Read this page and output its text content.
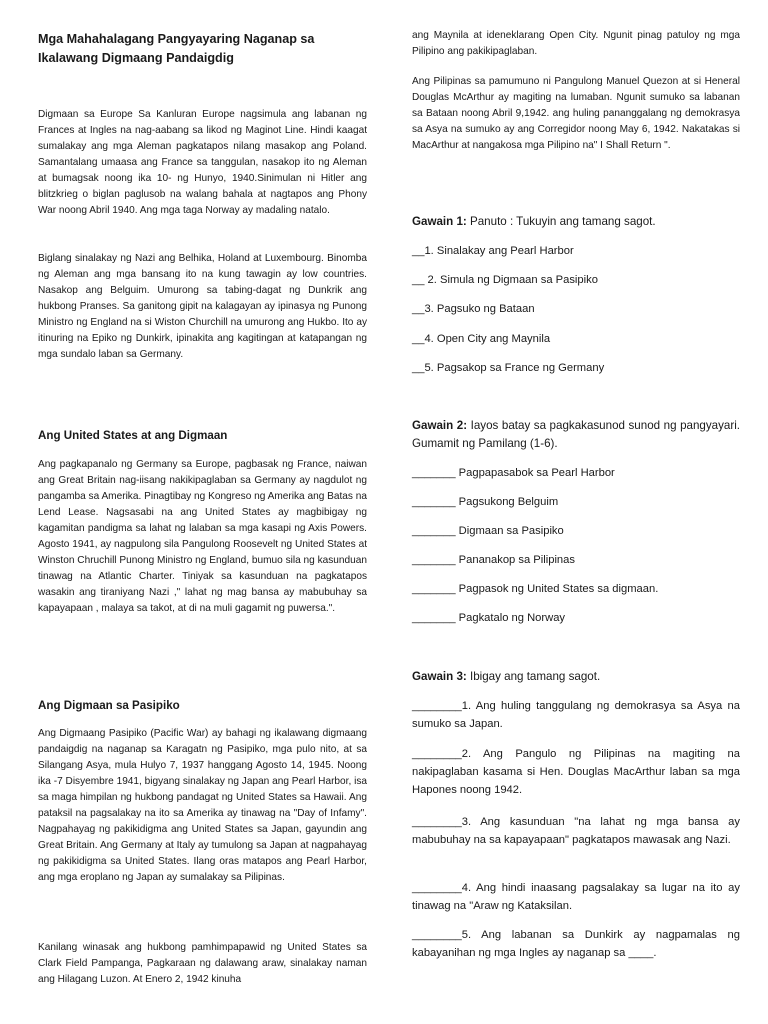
Mga Mahahalagang Pangyayaring Naganap sa Ikalawang Digmaang Pandaigdig

Digmaan sa Europe Sa Kanluran Europe nagsimula ang labanan ng Frances at Ingles na nag-aabang sa likod ng Maginot Line. Hindi kaagat sumalakay ang mga Aleman pagkatapos nilang masakop ang Poland. Samantalang umaasa ang France sa tanggulan, nasakop ito ng Aleman at bumagsak noong ika 10- ng Hunyo, 1940.Sinimulan ni Hitler ang blitzkrieg o biglan paglusob na walang bahala at nagtapos ang Phony War noong Abril 1940. Ang mga taga Norway ay madaling natalo.

Biglang sinalakay ng Nazi ang Belhika, Holand at Luxembourg. Binomba ng Aleman ang mga bansang ito na kung tawagin ay low countries. Nasakop ang Belguim. Umurong sa tabing-dagat ng Dunkrik ang hukbong Pranses. Sa ganitong gipit na kalagayan ay ipinasya ng Punong Ministro ng England na si Wiston Churchill na umurong ang Hukbo. Ito ay itinuring na Epiko ng Dunkirk, ipinakita ang kagitingan at katapangan ng mga sundalo laban sa Germany.

Ang United States at ang Digmaan

Ang pagkapanalo ng Germany sa Europe, pagbasak ng France, naiwan ang Great Britain nag-iisang nakikipaglaban sa Germany ay nagdulot ng pangamba sa Amerika. Pinagtibay ng Kongreso ng Amerika ang Batas na Lend Lease. Nagsasabi na ang United States ay magbibigay ng kagamitan pandigma sa lahat ng lalaban sa mga kasapi ng Axis Powers. Agosto 1941, ay nagpulong sila Pangulong Roosevelt ng United States at Winston Chruchill Punong Ministro ng England, bumuo sila ng kasunduan tinawag na Atlantic Charter. Tiniyak sa kasunduan na pagkatapos wasakin ang tiraniyang Nazi ," lahat ng mag bansa ay mabubuhay sa kapayapaan , malaya sa takot, at di na muli gagamit ng puwersa.".

Ang Digmaan sa Pasipiko

Ang Digmaang Pasipiko (Pacific War) ay bahagi ng ikalawang digmaang pandaigdig na naganap sa Karagatn ng Pasipiko, mga pulo nito, at sa Silangang Asya, mula Hulyo 7, 1937 hanggang Agosto 14, 1945. Noong ika -7 Disyembre 1941, bigyang sinalakay ng Japan ang Pearl Harbor, isa sa maga himpilan ng hukbong pandagat ng United States sa Hawaii. Ang pataksil na pagsalakay na ito sa Amerika ay tinawag na "Day of Infamy". Nagpahayag ng pakikidigma ang United States sa Japan, gayundin ang Great Britain. Ang Germany at Italy ay tumulong sa Japan at nagpahayag ng pakikidigma sa United States. Ilang oras matapos ang Pearl Harbor, ang mga eroplano ng Japan ay sumalakay sa Pilipinas.

Kanilang winasak ang hukbong pamhimpapawid ng United States sa Clark Field Pampanga, Pagkaraan ng dalawang araw, sinalakay naman ang Hilagang Luzon. At Enero 2, 1942 kinuha

ang Maynila at ideneklarang Open City. Ngunit pinag patuloy ng mga Pilipino ang pakikipaglaban.

Ang Pilipinas sa pamumuno ni Pangulong Manuel Quezon at si Heneral Douglas McArthur ay magiting na lumaban. Ngunit sumuko sa labanan sa Bataan noong Abril 9,1942. ang huling pananggalang ng demokrasya sa Asya na sumuko ay ang Corregidor noong May 6, 1942. Nakatakas si MacArthur at nangakosa mga Pilipino na" I Shall Return ".

Gawain 1: Panuto : Tukuyin ang tamang sagot.

__1. Sinalakay ang Pearl Harbor

__ 2. Simula ng Digmaan sa Pasipiko

__3. Pagsuko ng Bataan

__4. Open City ang Maynila

__5. Pagsakop sa France ng Germany

Gawain 2: Iayos batay sa pagkakasunod sunod ng pangyayari. Gumamit ng Pamilang (1-6).

_______ Pagpapasabok sa Pearl Harbor

_______ Pagsukong Belguim

_______ Digmaan sa Pasipiko

_______ Pananakop sa Pilipinas

_______ Pagpasok ng United States sa digmaan.

_______ Pagkatalo ng Norway

Gawain 3: Ibigay ang tamang sagot.

________1. Ang huling tanggulang ng demokrasya sa Asya na sumuko sa Japan.

________2. Ang Pangulo ng Pilipinas na magiting na nakipaglaban kasama si Hen. Douglas MacArthur laban sa mga Hapones noong 1942.

________3. Ang kasunduan "na lahat ng mga bansa ay mabubuhay na sa kapayapaan" pagkatapos mawasak ang Nazi.

________4. Ang hindi inaasang pagsalakay sa lugar na ito ay tinawag na "Araw ng Kataksilan.

________5. Ang labanan sa Dunkirk ay nagpamalas ng kabayanihan ng mga Ingles ay naganap sa ____.
